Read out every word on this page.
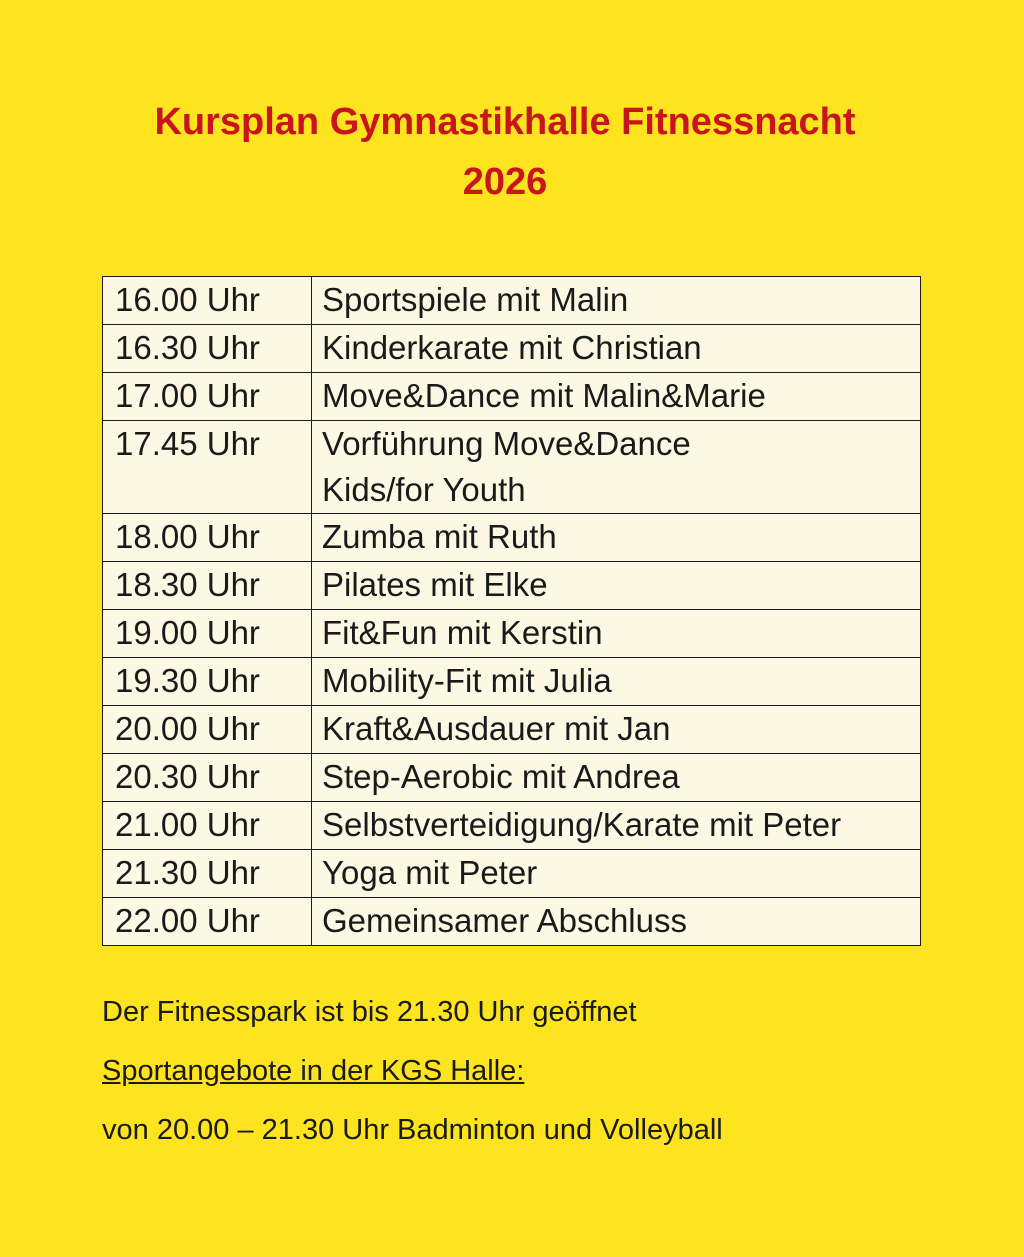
Kursplan Gymnastikhalle Fitnessnacht
2026
16.00 Uhr	Sportspiele mit Malin

16.30 Uhr	Kinderkarate mit Christian

17.00 Uhr	Move&Dance mit Malin&Marie

17.45 Uhr	Vorführung Move&Dance
Kids/for Youth

18.00 Uhr	Zumba mit Ruth

18.30 Uhr	Pilates mit Elke

19.00 Uhr	Fit&Fun mit Kerstin

19.30 Uhr	Mobility-Fit mit Julia

20.00 Uhr	Kraft&Ausdauer mit Jan

20.30 Uhr	Step-Aerobic mit Andrea

21.00 Uhr	Selbstverteidigung/Karate mit Peter

21.30 Uhr	Yoga mit Peter

22.00 Uhr	Gemeinsamer Abschluss
Der Fitnesspark ist bis 21.30 Uhr geöffnet
Sportangebote in der KGS Halle:
von 20.00 – 21.30 Uhr Badminton und Volleyball
